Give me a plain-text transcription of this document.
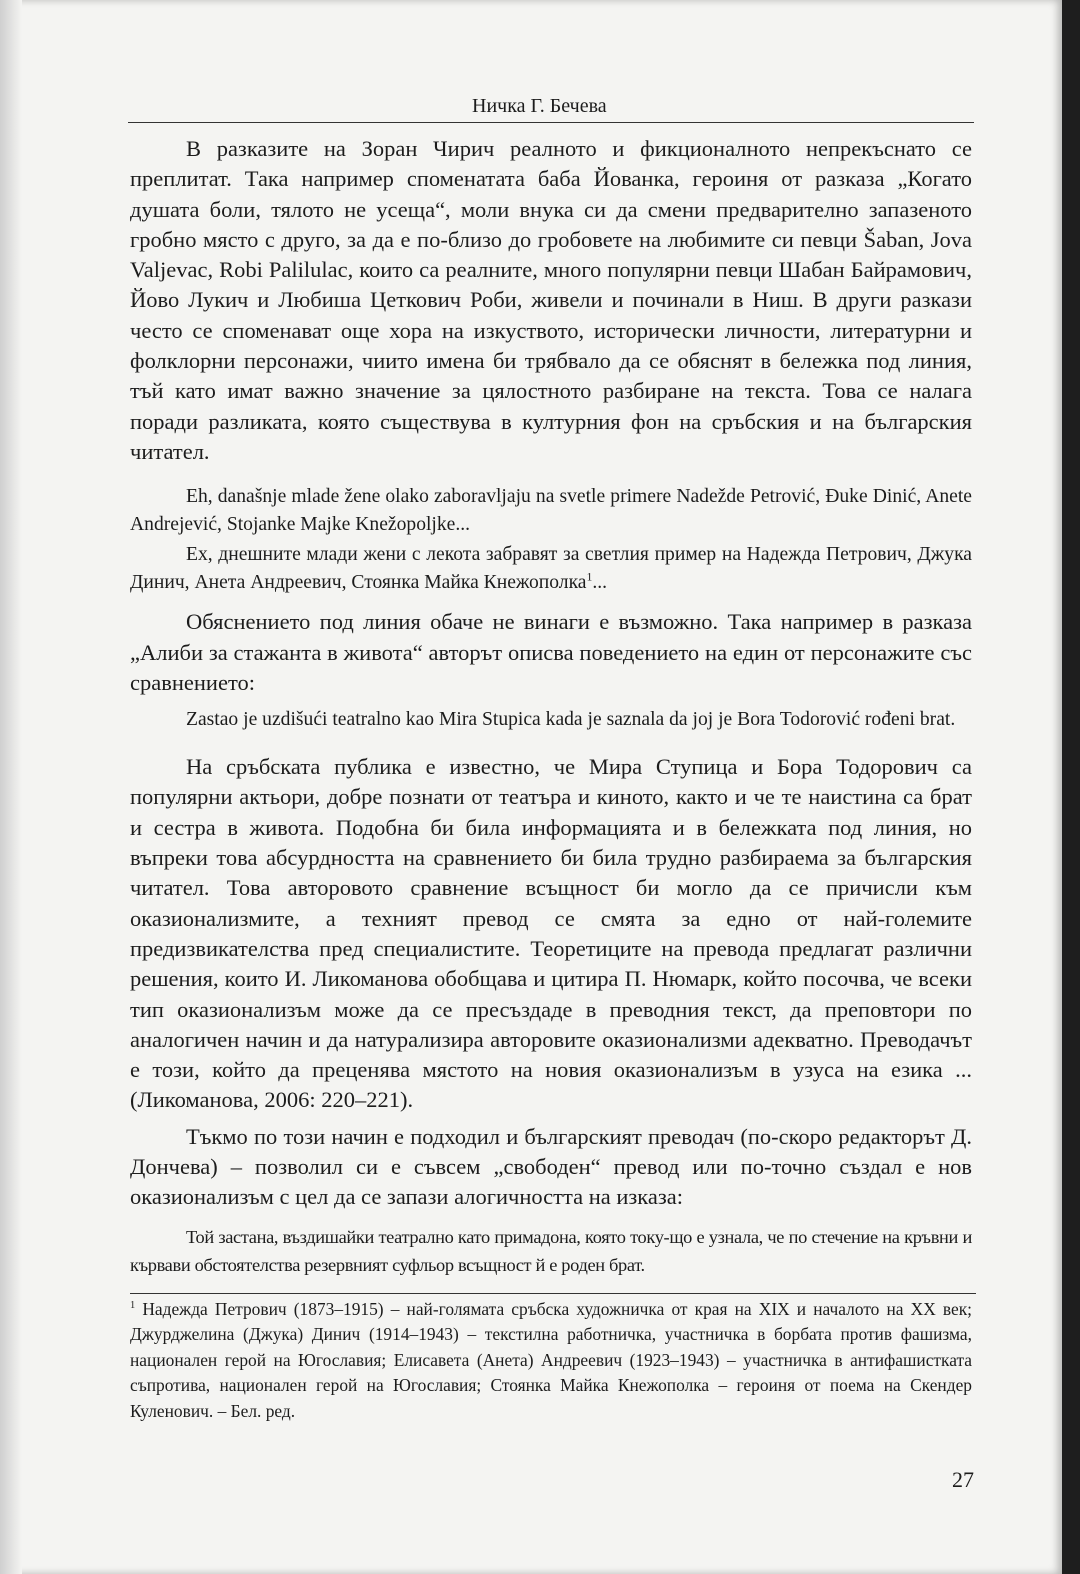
Ничка Г. Бечева

В разказите на Зоран Чирич реалното и фикционалното непрекъснато се преплитат. Така например споменатата баба Йованка, героиня от разказа „Когато душата боли, тялото не усеща“, моли внука си да смени предварително запазеното гробно място с друго, за да е по-близо до гробовете на любимите си певци Šaban, Jova Valjevac, Robi Palilulac, които са реалните, много популярни певци Шабан Байрамович, Йово Лукич и Любиша Цеткович Роби, живели и починали в Ниш. В други разкази често се споменават още хора на изкуството, исторически личности, литературни и фолклорни персонажи, чиито имена би трябвало да се обяснят в бележка под линия, тъй като имат важно значение за цялостното разбиране на текста. Това се налага поради разликата, която съществува в културния фон на сръбския и на българския читател.

Eh, današnje mlade žene olako zaboravljaju na svetle primere Nadežde Petrović, Đuke Dinić, Anete Andrejević, Stojanke Majke Knežopoljke...
Ех, днешните млади жени с лекота забравят за светлия пример на Надежда Петрович, Джука Динич, Анета Андреевич, Стоянка Майка Кнежополка$^1$...

Обяснението под линия обаче не винаги е възможно. Така например в разказа „Алиби за стажанта в живота“ авторът описва поведението на един от персонажите със сравнението:

Zastao je uzdišući teatralno kao Mira Stupica kada je saznala da joj je Bora Todorović rođeni brat.

На сръбската публика е известно, че Мира Ступица и Бора Тодорович са популярни актьори, добре познати от театъра и киното, както и че те наистина са брат и сестра в живота. Подобна би била информацията и в бележката под линия, но въпреки това абсурдността на сравнението би била трудно разбираема за българския читател. Това авторовото сравнение всъщност би могло да се причисли към оказионализмите, а техният превод се смята за едно от най-големите предизвикателства пред специалистите. Теоретиците на превода предлагат различни решения, които И. Ликоманова обобщава и цитира П. Нюмарк, който посочва, че всеки тип оказионализъм може да се пресъздаде в преводния текст, да преповтори по аналогичен начин и да натурализира авторовите оказионализми адекватно. Преводачът е този, който да преценява мястото на новия оказионализъм в узуса на езика ... (Ликоманова, 2006: 220–221).

Тъкмо по този начин е подходил и българският преводач (по-скоро редакторът Д. Дончева) – позволил си е съвсем „свободен“ превод или по-точно създал е нов оказионализъм с цел да се запази алогичността на изказа:

Той застана, въздишайки театрално като примадона, която току-що е узнала, че по стечение на кръвни и кървави обстоятелства резервният суфльор всъщност й е роден брат.

$^1$ Надежда Петрович (1873–1915) – най-голямата сръбска художничка от края на XIX и началото на XX век; Джурджелина (Джука) Динич (1914–1943) – текстилна работничка, участничка в борбата против фашизма, национален герой на Югославия; Елисавета (Анета) Андреевич (1923–1943) – участничка в антифашистката съпротива, национален герой на Югославия; Стоянка Майка Кнежополка – героиня от поема на Скендер Куленович. – Бел. ред.

27
